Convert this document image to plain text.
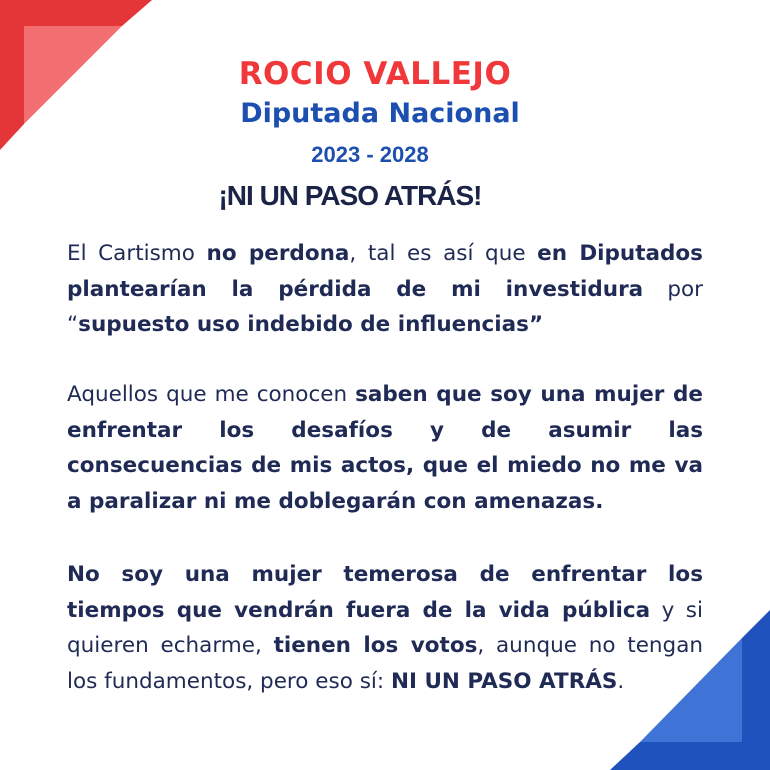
ROCIO VALLEJO
Diputada Nacional
2023 - 2028
¡NI UN PASO ATRÁS!

El Cartismo no perdona, tal es así que en Diputados plantearían la pérdida de mi investidura por “supuesto uso indebido de influencias”

Aquellos que me conocen saben que soy una mujer de enfrentar los desafíos y de asumir las consecuencias de mis actos, que el miedo no me va a paralizar ni me doblegarán con amenazas.

No soy una mujer temerosa de enfrentar los tiempos que vendrán fuera de la vida pública y si quieren echarme, tienen los votos, aunque no tengan los fundamentos, pero eso sí: NI UN PASO ATRÁS.
